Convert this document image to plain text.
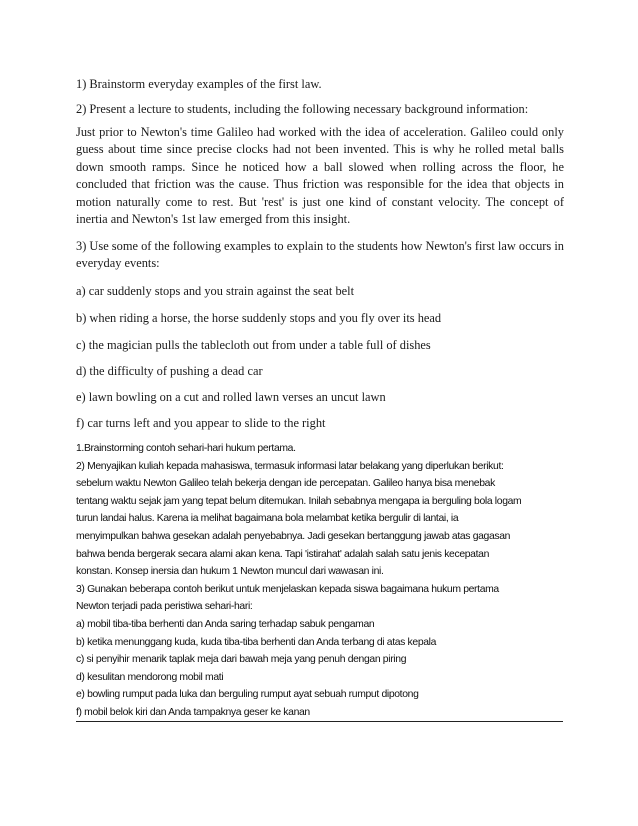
1) Brainstorm everyday examples of the first law.

2) Present a lecture to students, including the following necessary background information:

Just prior to Newton's time Galileo had worked with the idea of acceleration. Galileo could only guess about time since precise clocks had not been invented. This is why he rolled metal balls down smooth ramps. Since he noticed how a ball slowed when rolling across the floor, he concluded that friction was the cause. Thus friction was responsible for the idea that objects in motion naturally come to rest. But 'rest' is just one kind of constant velocity. The concept of inertia and Newton's 1st law emerged from this insight.

3) Use some of the following examples to explain to the students how Newton's first law occurs in everyday events:

a) car suddenly stops and you strain against the seat belt

b) when riding a horse, the horse suddenly stops and you fly over its head

c) the magician pulls the tablecloth out from under a table full of dishes

d) the difficulty of pushing a dead car

e) lawn bowling on a cut and rolled lawn verses an uncut lawn

f) car turns left and you appear to slide to the right

1.Brainstorming contoh sehari-hari hukum pertama.
2) Menyajikan kuliah kepada mahasiswa, termasuk informasi latar belakang yang diperlukan berikut:
sebelum waktu Newton Galileo telah bekerja dengan ide percepatan. Galileo hanya bisa menebak
tentang waktu sejak jam yang tepat belum ditemukan. Inilah sebabnya mengapa ia berguling bola logam
turun landai halus. Karena ia melihat bagaimana bola melambat ketika bergulir di lantai, ia
menyimpulkan bahwa gesekan adalah penyebabnya. Jadi gesekan bertanggung jawab atas gagasan
bahwa benda bergerak secara alami akan kena. Tapi 'istirahat' adalah salah satu jenis kecepatan
konstan. Konsep inersia dan hukum 1 Newton muncul dari wawasan ini.
3) Gunakan beberapa contoh berikut untuk menjelaskan kepada siswa bagaimana hukum pertama
Newton terjadi pada peristiwa sehari-hari:
a) mobil tiba-tiba berhenti dan Anda saring terhadap sabuk pengaman
b) ketika menunggang kuda, kuda tiba-tiba berhenti dan Anda terbang di atas kepala
c) si penyihir menarik taplak meja dari bawah meja yang penuh dengan piring
d) kesulitan mendorong mobil mati
e) bowling rumput pada luka dan berguling rumput ayat sebuah rumput dipotong
f) mobil belok kiri dan Anda tampaknya geser ke kanan
